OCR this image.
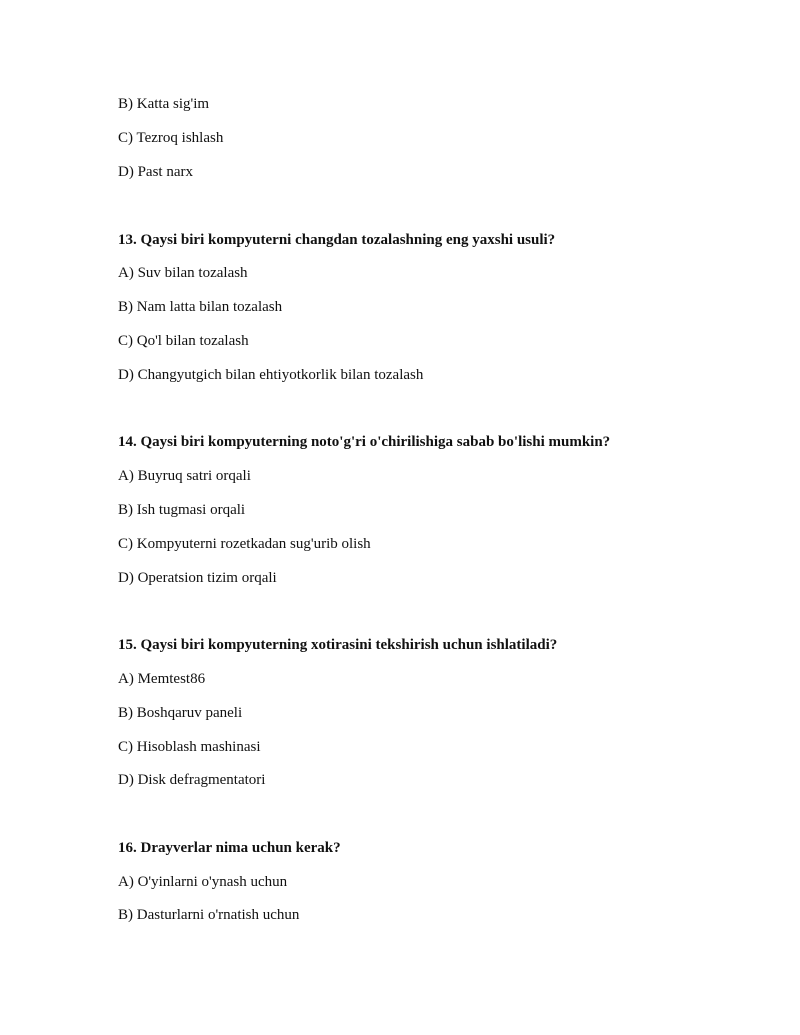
B) Katta sig'im
C) Tezroq ishlash
D) Past narx
13. Qaysi biri kompyuterni changdan tozalashning eng yaxshi usuli?
A) Suv bilan tozalash
B) Nam latta bilan tozalash
C) Qo'l bilan tozalash
D) Changyutgich bilan ehtiyotkorlik bilan tozalash
14. Qaysi biri kompyuterning noto'g'ri o'chirilishiga sabab bo'lishi mumkin?
A) Buyruq satri orqali
B) Ish tugmasi orqali
C) Kompyuterni rozetkadan sug'urib olish
D) Operatsion tizim orqali
15. Qaysi biri kompyuterning xotirasini tekshirish uchun ishlatiladi?
A) Memtest86
B) Boshqaruv paneli
C) Hisoblash mashinasi
D) Disk defragmentatori
16. Drayverlar nima uchun kerak?
A) O'yinlarni o'ynash uchun
B) Dasturlarni o'rnatish uchun
